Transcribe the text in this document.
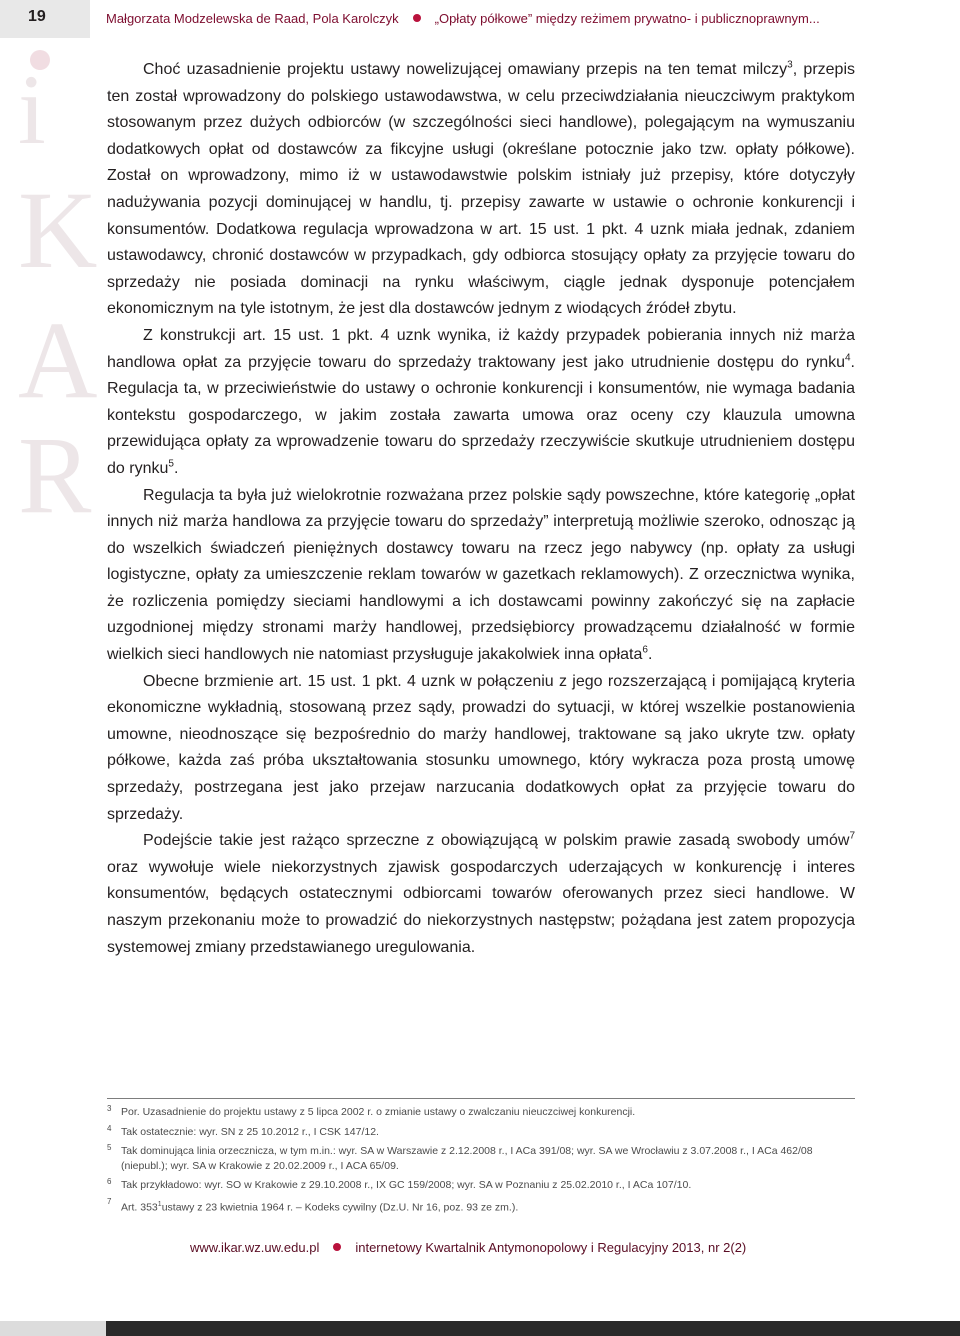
19	Małgorzata Modzelewska de Raad, Pola Karolczyk	„Opłaty półkowe” między reżimem prywatno- i publicznoprawnym...
i
K
A
R

Choć uzasadnienie projektu ustawy nowelizującej omawiany przepis na ten temat milczy$^3$, przepis ten został wprowadzony do polskiego ustawodawstwa, w celu przeciwdziałania nieuczciwym praktykom stosowanym przez dużych odbiorców (w szczególności sieci handlowe), polegającym na wymuszaniu dodatkowych opłat od dostawców za fikcyjne usługi (określane potocznie jako tzw. opłaty półkowe). Został on wprowadzony, mimo iż w ustawodawstwie polskim istniały już przepisy, które dotyczyły nadużywania pozycji dominującej w handlu, tj. przepisy zawarte w ustawie o ochronie konkurencji i konsumentów. Dodatkowa regulacja wprowadzona w art. 15 ust. 1 pkt. 4 uznk miała jednak, zdaniem ustawodawcy, chronić dostawców w przypadkach, gdy odbiorca stosujący opłaty za przyjęcie towaru do sprzedaży nie posiada dominacji na rynku właściwym, ciągle jednak dysponuje potencjałem ekonomicznym na tyle istotnym, że jest dla dostawców jednym z wiodących źródeł zbytu.

Z konstrukcji art. 15 ust. 1 pkt. 4 uznk wynika, iż każdy przypadek pobierania innych niż marża handlowa opłat za przyjęcie towaru do sprzedaży traktowany jest jako utrudnienie dostępu do rynku$^4$. Regulacja ta, w przeciwieństwie do ustawy o ochronie konkurencji i konsumentów, nie wymaga badania kontekstu gospodarczego, w jakim została zawarta umowa oraz oceny czy klauzula umowna przewidująca opłaty za wprowadzenie towaru do sprzedaży rzeczywiście skutkuje utrudnieniem dostępu do rynku$^5$.

Regulacja ta była już wielokrotnie rozważana przez polskie sądy powszechne, które kategorię „opłat innych niż marża handlowa za przyjęcie towaru do sprzedaży” interpretują możliwie szeroko, odnosząc ją do wszelkich świadczeń pieniężnych dostawcy towaru na rzecz jego nabywcy (np. opłaty za usługi logistyczne, opłaty za umieszczenie reklam towarów w gazetkach reklamowych). Z orzecznictwa wynika, że rozliczenia pomiędzy sieciami handlowymi a ich dostawcami powinny zakończyć się na zapłacie uzgodnionej między stronami marży handlowej, przedsiębiorcy prowadzącemu działalność w formie wielkich sieci handlowych nie natomiast przysługuje jakakolwiek inna opłata$^6$.

Obecne brzmienie art. 15 ust. 1 pkt. 4 uznk w połączeniu z jego rozszerzającą i pomijającą kryteria ekonomiczne wykładnią, stosowaną przez sądy, prowadzi do sytuacji, w której wszelkie postanowienia umowne, nieodnoszące się bezpośrednio do marży handlowej, traktowane są jako ukryte tzw. opłaty półkowe, każda zaś próba ukształtowania stosunku umownego, który wykracza poza prostą umowę sprzedaży, postrzegana jest jako przejaw narzucania dodatkowych opłat za przyjęcie towaru do sprzedaży.

Podejście takie jest rażąco sprzeczne z obowiązującą w polskim prawie zasadą swobody umów$^7$ oraz wywołuje wiele niekorzystnych zjawisk gospodarczych uderzających w konkurencję i interes konsumentów, będących ostatecznymi odbiorcami towarów oferowanych przez sieci handlowe. W naszym przekonaniu może to prowadzić do niekorzystnych następstw; pożądana jest zatem propozycja systemowej zmiany przedstawianego uregulowania.

3 Por. Uzasadnienie do projektu ustawy z 5 lipca 2002 r. o zmianie ustawy o zwalczaniu nieuczciwej konkurencji.
4 Tak ostatecznie: wyr. SN z 25 10.2012 r., I CSK 147/12.
5 Tak dominująca linia orzecznicza, w tym m.in.: wyr. SA w Warszawie z 2.12.2008 r., I ACa 391/08; wyr. SA we Wrocławiu z 3.07.2008 r., I ACa 462/08 (niepubl.); wyr. SA w Krakowie z 20.02.2009 r., I ACA 65/09.
6 Tak przykładowo: wyr. SO w Krakowie z 29.10.2008 r., IX GC 159/2008; wyr. SA w Poznaniu z 25.02.2010 r., I ACa 107/10.
7 Art. $353^1ustawy$ z 23 kwietnia 1964 r. – Kodeks cywilny (Dz.U. Nr 16, poz. 93 ze zm.).
www.ikar.wz.uw.edu.pl	internetowy Kwartalnik Antymonopolowy i Regulacyjny 2013, nr 2(2)
